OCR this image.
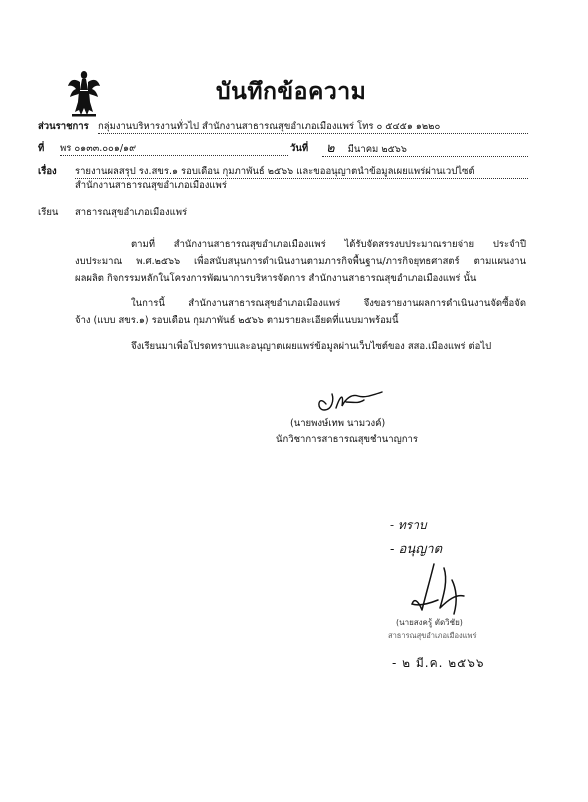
บันทึกข้อความ
ส่วนราชการ กลุ่มงานบริหารงานทั่วไป สำนักงานสาธารณสุขอำเภอเมืองแพร่ โทร ๐ ๕๔๕๑ ๑๒๒๐
ที่ พร ๐๑๓๓.๐๐๑/๑๙	วันที่	๒ มีนาคม ๒๕๖๖
เรื่อง รายงานผลสรุป รง.สขร.๑ รอบเดือน กุมภาพันธ์ ๒๕๖๖ และขออนุญาตนำข้อมูลเผยแพร่ผ่านเวปไซต์
สำนักงานสาธารณสุขอำเภอเมืองแพร่
เรียน สาธารณสุขอำเภอเมืองแพร่
ตามที่ สำนักงานสาธารณสุขอำเภอเมืองแพร่ ได้รับจัดสรรงบประมาณรายจ่าย ประจำปี
งบประมาณ พ.ศ.๒๕๖๖ เพื่อสนับสนุนการดำเนินงานตามภารกิจพื้นฐาน/ภารกิจยุทธศาสตร์ ตามแผนงาน
ผลผลิต กิจกรรมหลักในโครงการพัฒนาการบริหารจัดการ สำนักงานสาธารณสุขอำเภอเมืองแพร่ นั้น
ในการนี้ สำนักงานสาธารณสุขอำเภอเมืองแพร่ จึงขอรายงานผลการดำเนินงานจัดซื้อจัด
จ้าง (แบบ สขร.๑) รอบเดือน กุมภาพันธ์ ๒๕๖๖ ตามรายละเอียดที่แนบมาพร้อมนี้
จึงเรียนมาเพื่อโปรดทราบและอนุญาตเผยแพร่ข้อมูลผ่านเว็บไซต์ของ สสอ.เมืองแพร่ ต่อไป
(นายพงษ์เทพ นามวงค์)
นักวิชาการสาธารณสุขชำนาญการ
- ทราบ
- อนุญาต
(นายสงครู้ ตัดวิชัย)
สาธารณสุขอำเภอเมืองแพร่
- ๒ มี.ค. ๒๕๖๖
